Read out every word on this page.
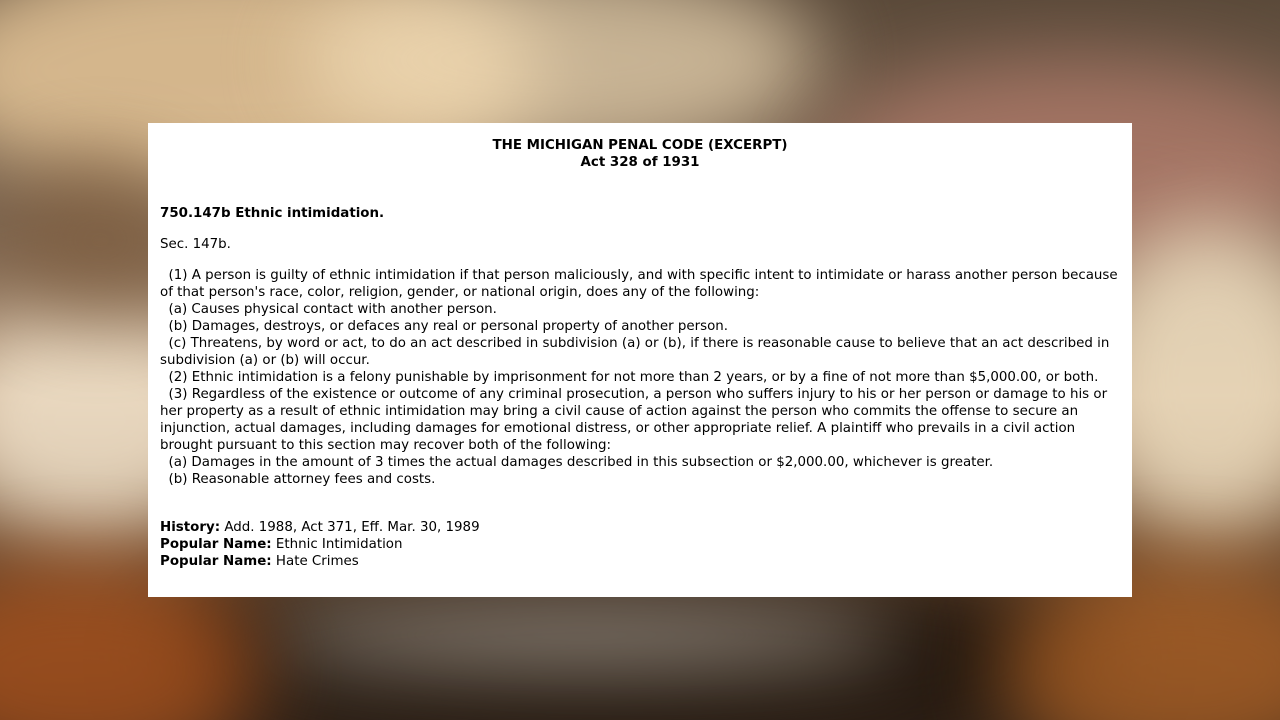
THE MICHIGAN PENAL CODE (EXCERPT)
Act 328 of 1931
750.147b Ethnic intimidation.
Sec. 147b.
(1) A person is guilty of ethnic intimidation if that person maliciously, and with specific intent to intimidate or harass another person because of that person's race, color, religion, gender, or national origin, does any of the following:
(a) Causes physical contact with another person.
(b) Damages, destroys, or defaces any real or personal property of another person.
(c) Threatens, by word or act, to do an act described in subdivision (a) or (b), if there is reasonable cause to believe that an act described in subdivision (a) or (b) will occur.
(2) Ethnic intimidation is a felony punishable by imprisonment for not more than 2 years, or by a fine of not more than $5,000.00, or both.
(3) Regardless of the existence or outcome of any criminal prosecution, a person who suffers injury to his or her person or damage to his or her property as a result of ethnic intimidation may bring a civil cause of action against the person who commits the offense to secure an injunction, actual damages, including damages for emotional distress, or other appropriate relief. A plaintiff who prevails in a civil action brought pursuant to this section may recover both of the following:
(a) Damages in the amount of 3 times the actual damages described in this subsection or $2,000.00, whichever is greater.
(b) Reasonable attorney fees and costs.
History: Add. 1988, Act 371, Eff. Mar. 30, 1989
Popular Name: Ethnic Intimidation
Popular Name: Hate Crimes
